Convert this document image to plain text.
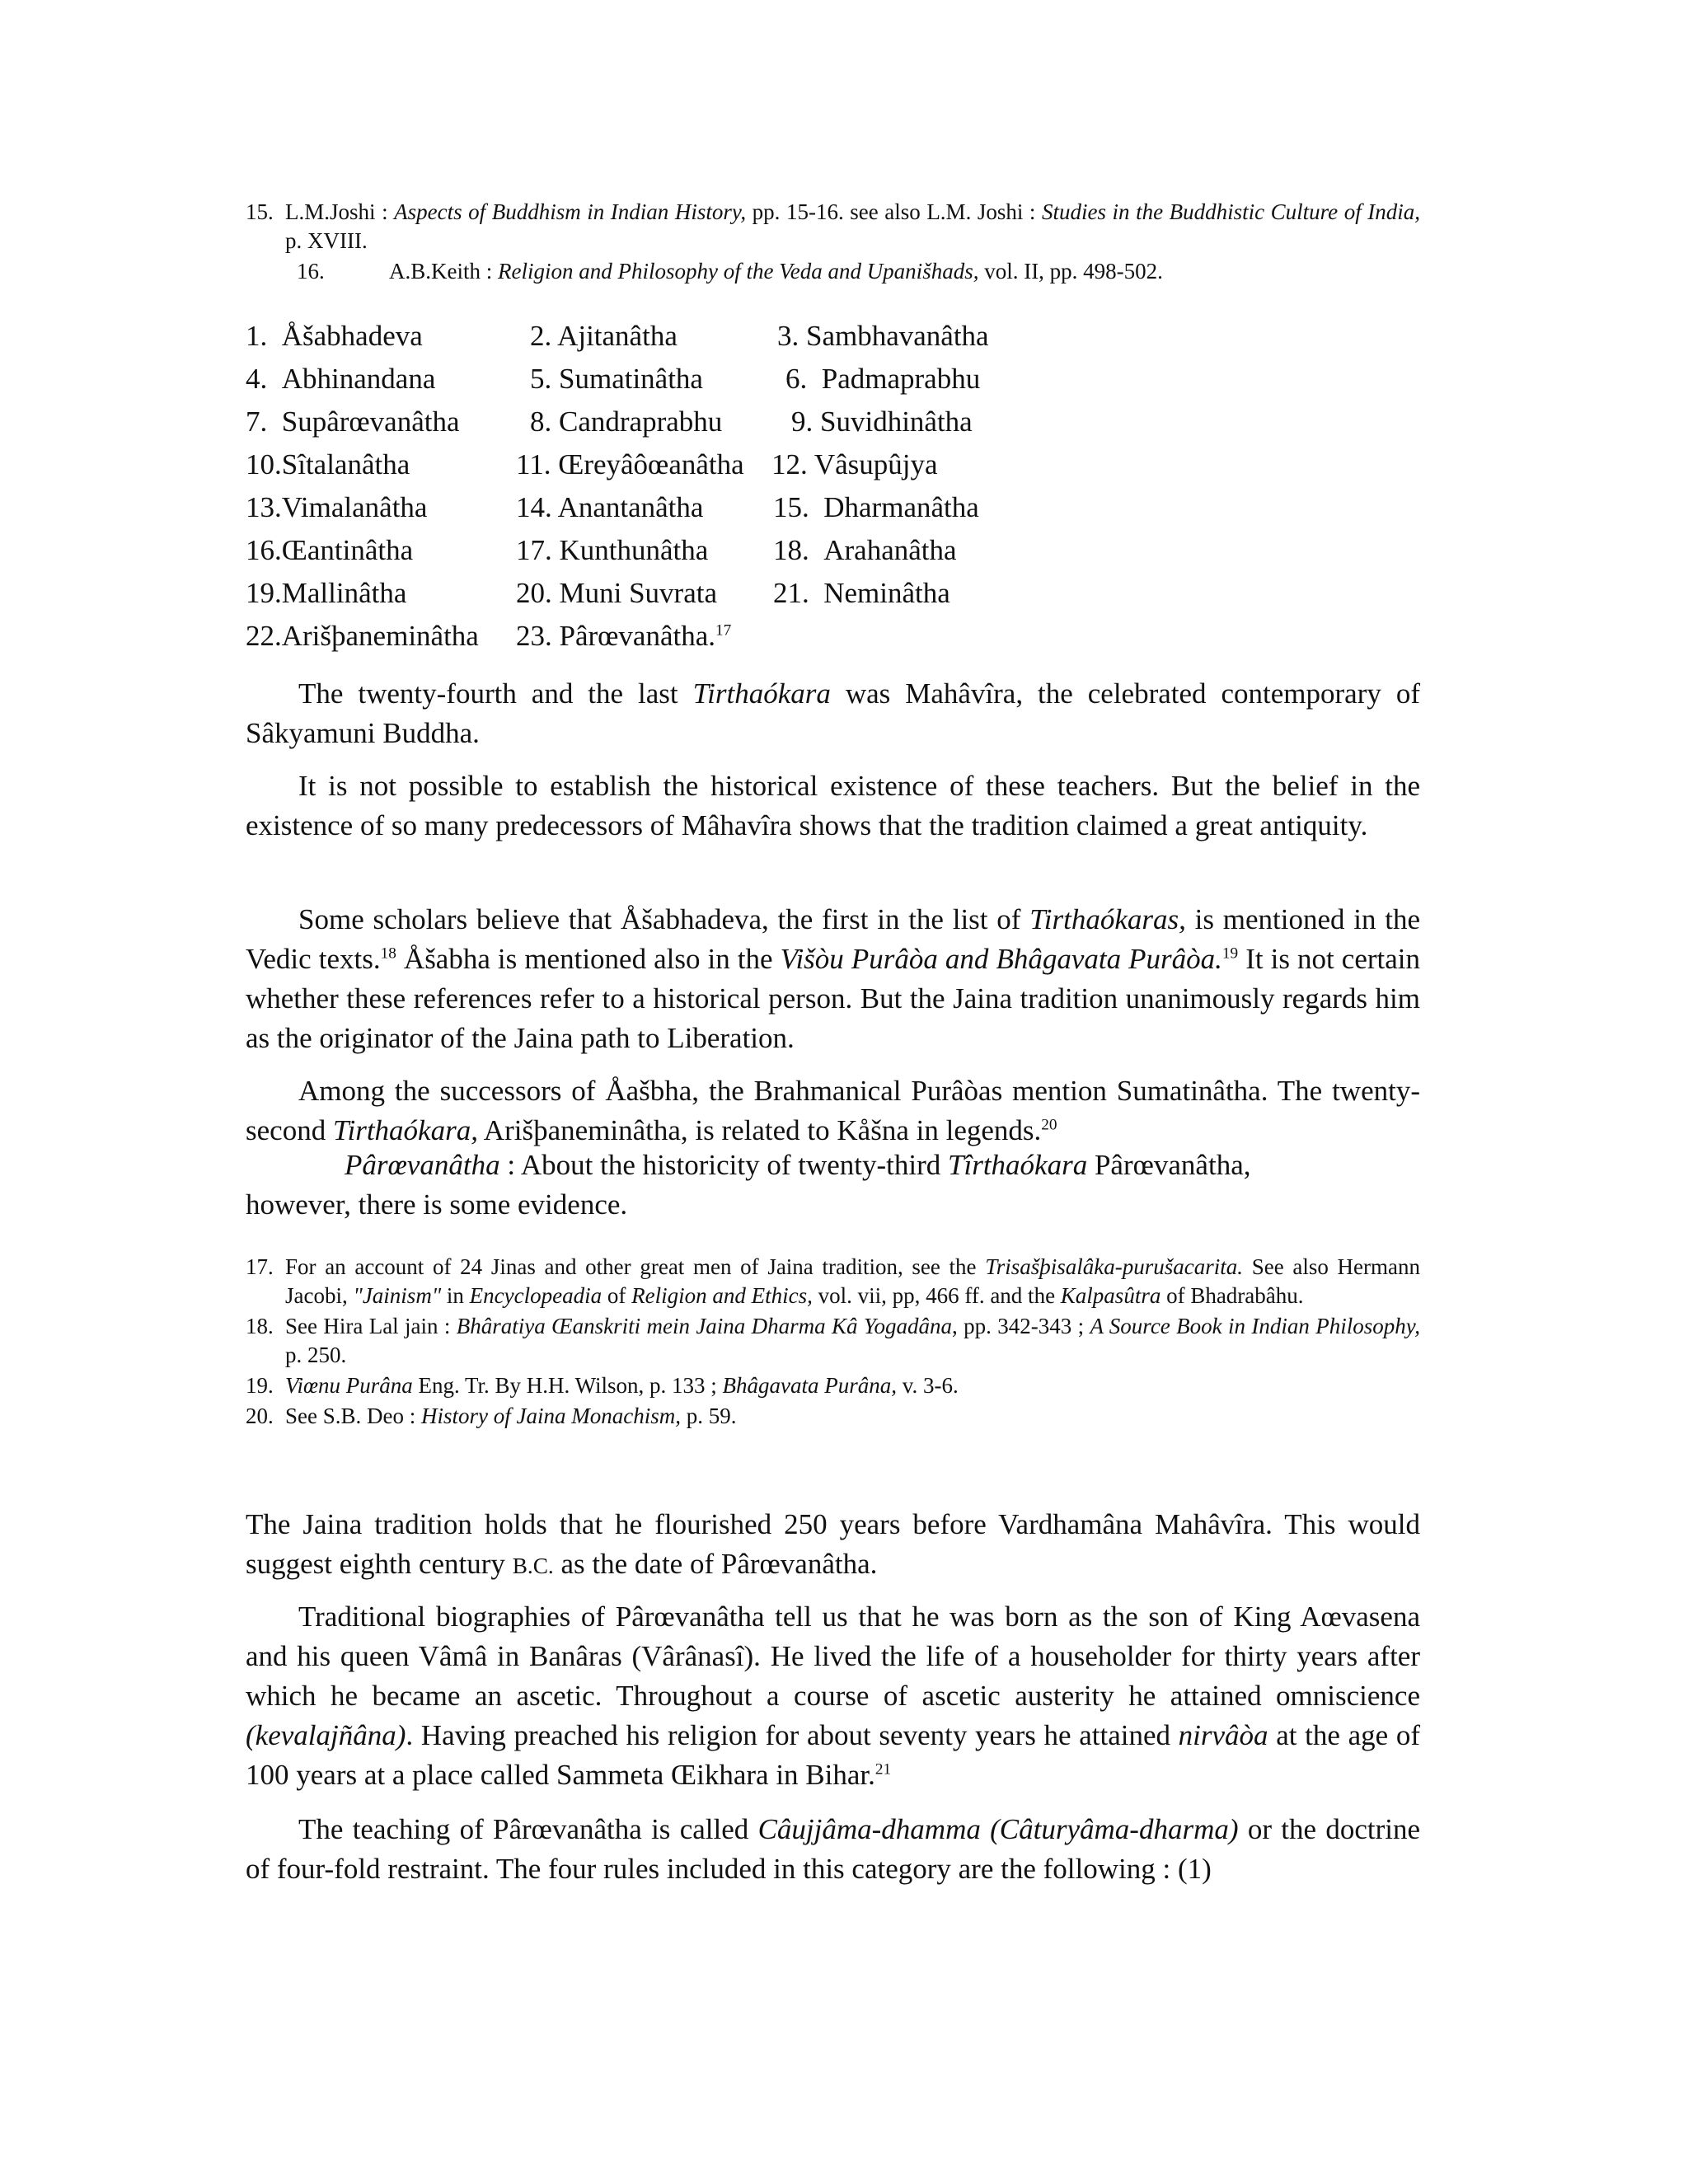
15. L.M.Joshi : Aspects of Buddhism in Indian History, pp. 15-16. see also L.M. Joshi : Studies in the Buddhistic Culture of India, p. XVIII.
16.	A.B.Keith : Religion and Philosophy of the Veda and Upanišhads, vol. II, pp. 498-502.
1. Åšabhadeva	2. Ajitanâtha	3. Sambhavanâtha
4. Abhinandana	5. Sumatinâtha	6. Padmaprabhu
7. Supârœvanâtha 8. Candraprabhu 9. Suvidhinâtha
10.Sîtalanâtha	11. Œreyâôœanâtha 12. Vâsupûjya
13.Vimalanâtha	14. Anantanâtha 15. Dharmanâtha
16.Œantinâtha	17. Kunthunâtha 18. Arahanâtha
19.Mallinâtha	20. Muni Suvrata 21. Neminâtha
22.Arišþaneminâtha 23. Pârœvanâtha.$^{17}$
The twenty-fourth and the last Tirthaókara was Mahâvîra, the celebrated contemporary of Sâkyamuni Buddha.
It is not possible to establish the historical existence of these teachers. But the belief in the existence of so many predecessors of Mâhavîra shows that the tradition claimed a great antiquity.
Some scholars believe that Åšabhadeva, the first in the list of Tirthaókaras, is mentioned in the Vedic texts.$^{18}$ Åšabha is mentioned also in the Višòu Purâòa and Bhâgavata Purâòa.$^{19}$ It is not certain whether these references refer to a historical person. But the Jaina tradition unanimously regards him as the originator of the Jaina path to Liberation.
Among the successors of Åašbha, the Brahmanical Purâòas mention Sumatinâtha. The twenty-second Tirthaókara, Arišþaneminâtha, is related to Kåšna in legends.$^{20}$
Pârœvanâtha : About the historicity of twenty-third Tîrthaókara Pârœvanâtha,
however, there is some evidence.
17. For an account of 24 Jinas and other great men of Jaina tradition, see the Trisašþisalâka-purušacarita. See also Hermann Jacobi, "Jainism" in Encyclopeadia of Religion and Ethics, vol. vii, pp, 466 ff. and the Kalpasûtra of Bhadrabâhu.
18. See Hira Lal jain : Bhâratiya Œanskriti mein Jaina Dharma Kâ Yogadâna, pp. 342-343 ; A Source Book in Indian Philosophy, p. 250.
19. Viœnu Purâna Eng. Tr. By H.H. Wilson, p. 133 ; Bhâgavata Purâna, v. 3-6.
20. See S.B. Deo : History of Jaina Monachism, p. 59.
The Jaina tradition holds that he flourished 250 years before Vardhamâna Mahâvîra. This would suggest eighth century B.C. as the date of Pârœvanâtha.
Traditional biographies of Pârœvanâtha tell us that he was born as the son of King Aœvasena and his queen Vâmâ in Banâras (Vârânasî). He lived the life of a householder for thirty years after which he became an ascetic. Throughout a course of ascetic austerity he attained omniscience (kevalajñâna). Having preached his religion for about seventy years he attained nirvâòa at the age of 100 years at a place called Sammeta Œikhara in Bihar.$^{21}$
The teaching of Pârœvanâtha is called Câujjâma-dhamma (Câturyâma-dharma) or the doctrine of four-fold restraint. The four rules included in this category are the following : (1)
